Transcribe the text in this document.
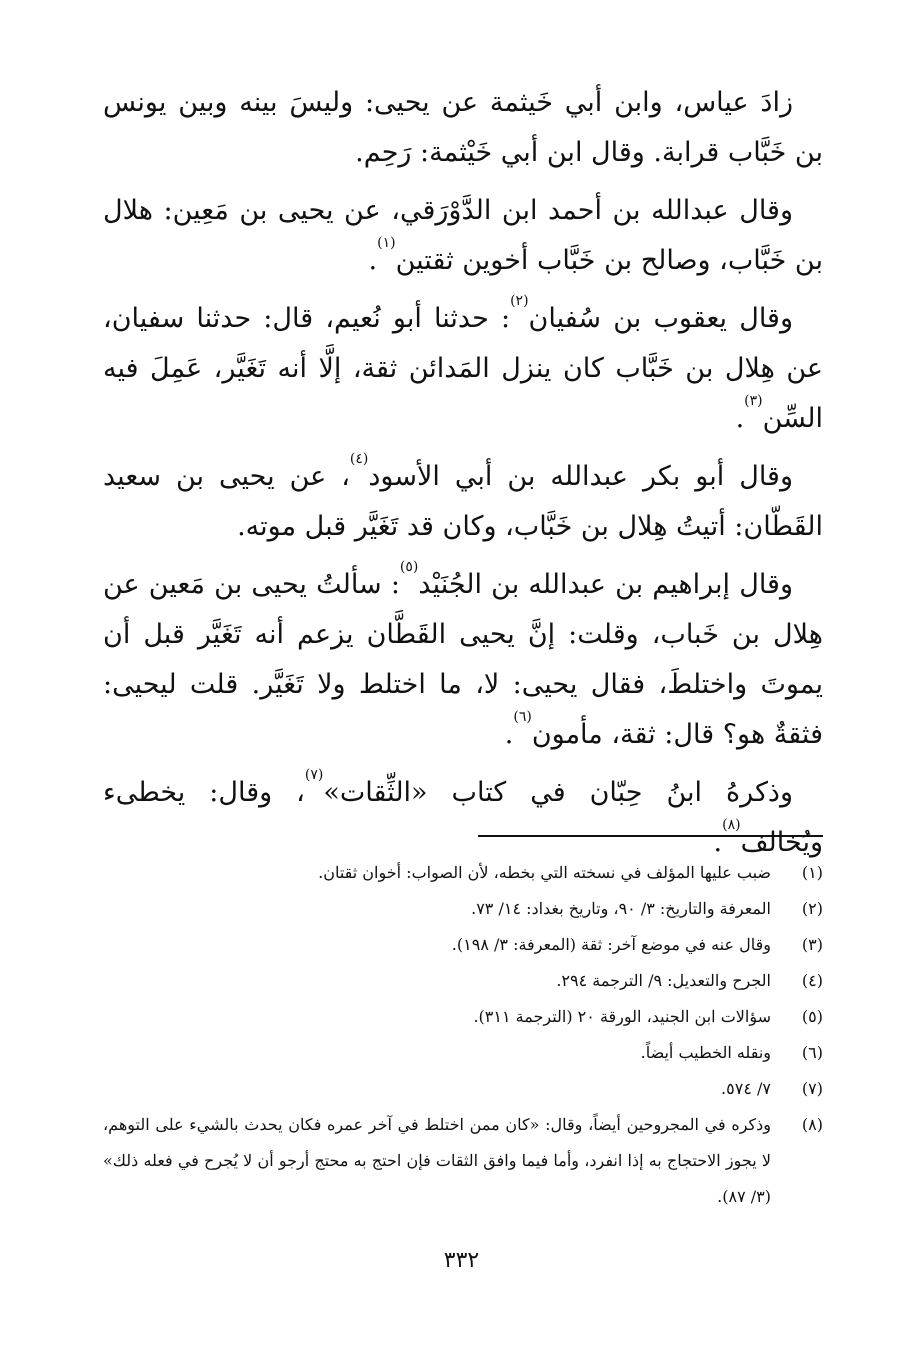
زادَ عياس، وابن أبي خَيثمة عن يحيى: وليسَ بينه وبين يونس بن خَبَّاب قرابة. وقال ابن أبي خَيْثمة: رَحِم.

وقال عبدالله بن أحمد ابن الدَّوْرَقي، عن يحيى بن مَعِين: هلال بن خَبَّاب، وصالح بن خَبَّاب أخوين ثقتين$^{(١)}$.

وقال يعقوب بن سُفيان$^{(٢)}$: حدثنا أبو نُعيم، قال: حدثنا سفيان، عن هِلال بن خَبَّاب كان ينزل المَدائن ثقة، إلَّا أنه تَغَيَّر، عَمِلَ فيه السِّن$^{(٣)}$.

وقال أبو بكر عبدالله بن أبي الأسود$^{(٤)}$، عن يحيى بن سعيد القَطّان: أتيتُ هِلال بن خَبَّاب، وكان قد تَغَيَّر قبل موته.

وقال إبراهيم بن عبدالله بن الجُنَيْد$^{(٥)}$: سألتُ يحيى بن مَعين عن هِلال بن خَباب، وقلت: إنَّ يحيى القَطَّان يزعم أنه تَغَيَّر قبل أن يموتَ واختلطَ، فقال يحيى: لا، ما اختلط ولا تَغَيَّر. قلت ليحيى: فثقةٌ هو؟ قال: ثقة، مأمون$^{(٦)}$.

وذكرهُ ابنُ حِبّان في كتاب «الثِّقات»$^{(٧)}$، وقال: يخطىء ويُخالف$^{(٨)}$.

(١)
ضبب عليها المؤلف في نسخته التي بخطه، لأن الصواب: أخوان ثقتان.
(٢)
المعرفة والتاريخ: ٣/ ٩٠، وتاريخ بغداد: ١٤/ ٧٣.
(٣)
وقال عنه في موضع آخر: ثقة (المعرفة: ٣/ ١٩٨).
(٤)
الجرح والتعديل: ٩/ الترجمة ٢٩٤.
(٥)
سؤالات ابن الجنيد، الورقة ٢٠ (الترجمة ٣١١).
(٦)
ونقله الخطيب أيضاً.
(٧)
٧/ ٥٧٤.
(٨)
وذكره في المجروحين أيضاً، وقال: «كان ممن اختلط في آخر عمره فكان يحدث بالشيء على التوهم، لا يجوز الاحتجاج به إذا انفرد، وأما فيما وافق الثقات فإن احتج به محتج أرجو أن لا يُجرح في فعله ذلك» (٣/ ٨٧).
٣٣٢
